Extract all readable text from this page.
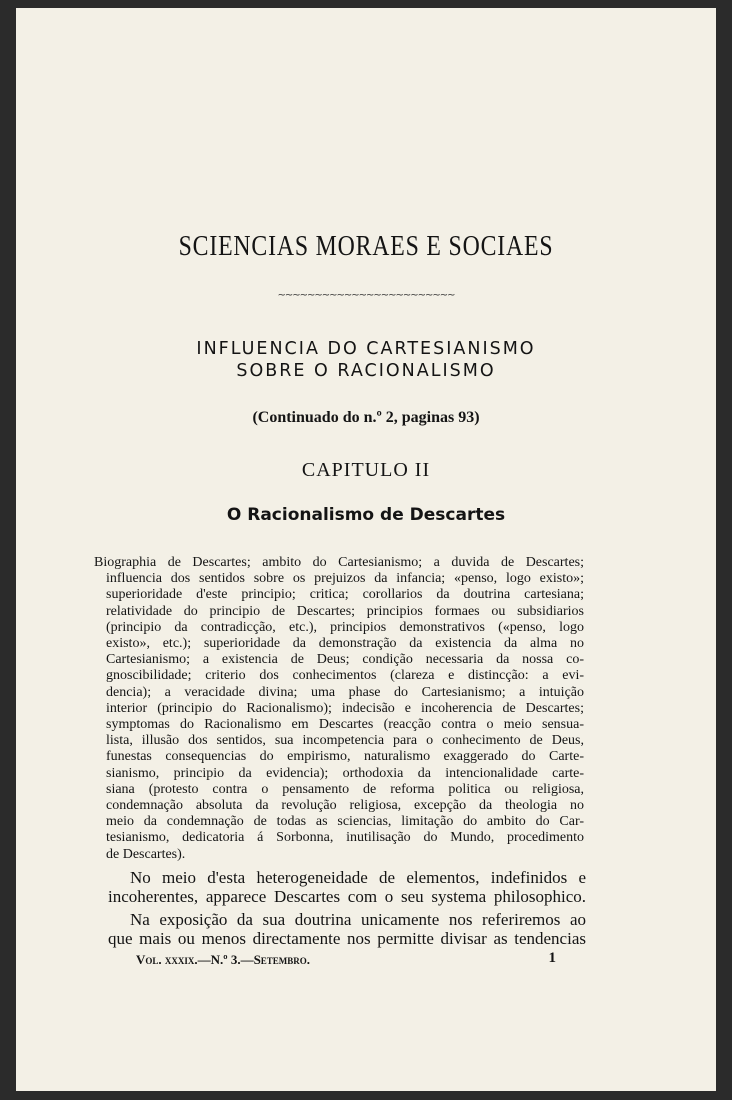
SCIENCIAS MORAES E SOCIAES
~~~~~~~~~~~~~~~~~~~~~~~~
INFLUENCIA DO CARTESIANISMO
SOBRE O RACIONALISMO
(Continuado do n.º 2, paginas 93)
CAPITULO II
O Racionalismo de Descartes
Biographia de Descartes; ambito do Cartesianismo; a duvida de Descartes;
influencia dos sentidos sobre os prejuizos da infancia; «penso, logo existo»;
superioridade d'este principio; critica; corollarios da doutrina cartesiana;
relatividade do principio de Descartes; principios formaes ou subsidiarios
(principio da contradicção, etc.), principios demonstrativos («penso, logo
existo», etc.); superioridade da demonstração da existencia da alma no
Cartesianismo; a existencia de Deus; condição necessaria da nossa co-
gnoscibilidade; criterio dos conhecimentos (clareza e distincção: a evi-
dencia); a veracidade divina; uma phase do Cartesianismo; a intuição
interior (principio do Racionalismo); indecisão e incoherencia de Descartes;
symptomas do Racionalismo em Descartes (reacção contra o meio sensua-
lista, illusão dos sentidos, sua incompetencia para o conhecimento de Deus,
funestas consequencias do empirismo, naturalismo exaggerado do Carte-
sianismo, principio da evidencia); orthodoxia da intencionalidade carte-
siana (protesto contra o pensamento de reforma politica ou religiosa,
condemnação absoluta da revolução religiosa, excepção da theologia no
meio da condemnação de todas as sciencias, limitação do ambito do Car-
tesianismo, dedicatoria á Sorbonna, inutilisação do Mundo, procedimento
de Descartes).
No meio d'esta heterogeneidade de elementos, indefinidos e
incoherentes, apparece Descartes com o seu systema philosophico.
Na exposição da sua doutrina unicamente nos referiremos ao
que mais ou menos directamente nos permitte divisar as tendencias
Vol. xxxix.—N.º 3.—Setembro.	1
